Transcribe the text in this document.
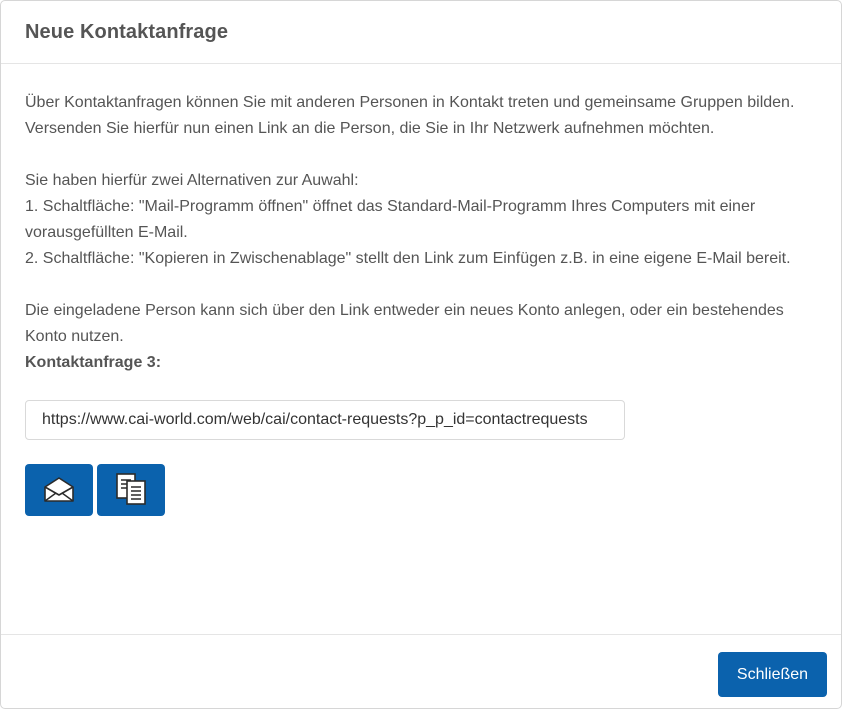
Neue Kontaktanfrage

Über Kontaktanfragen können Sie mit anderen Personen in Kontakt treten und gemeinsame Gruppen bilden. Versenden Sie hierfür nun einen Link an die Person, die Sie in Ihr Netzwerk aufnehmen möchten.

Sie haben hierfür zwei Alternativen zur Auwahl:

1. Schaltfläche: "Mail-Programm öffnen" öffnet das Standard-Mail-Programm Ihres Computers mit einer vorausgefüllten E-Mail.

2. Schaltfläche: "Kopieren in Zwischenablage" stellt den Link zum Einfügen z.B. in eine eigene E-Mail bereit.

Die eingeladene Person kann sich über den Link entweder ein neues Konto anlegen, oder ein bestehendes Konto nutzen.

Kontaktanfrage 3:

https://www.cai-world.com/web/cai/contact-requests?p_p_id=contactrequests
Schließen
